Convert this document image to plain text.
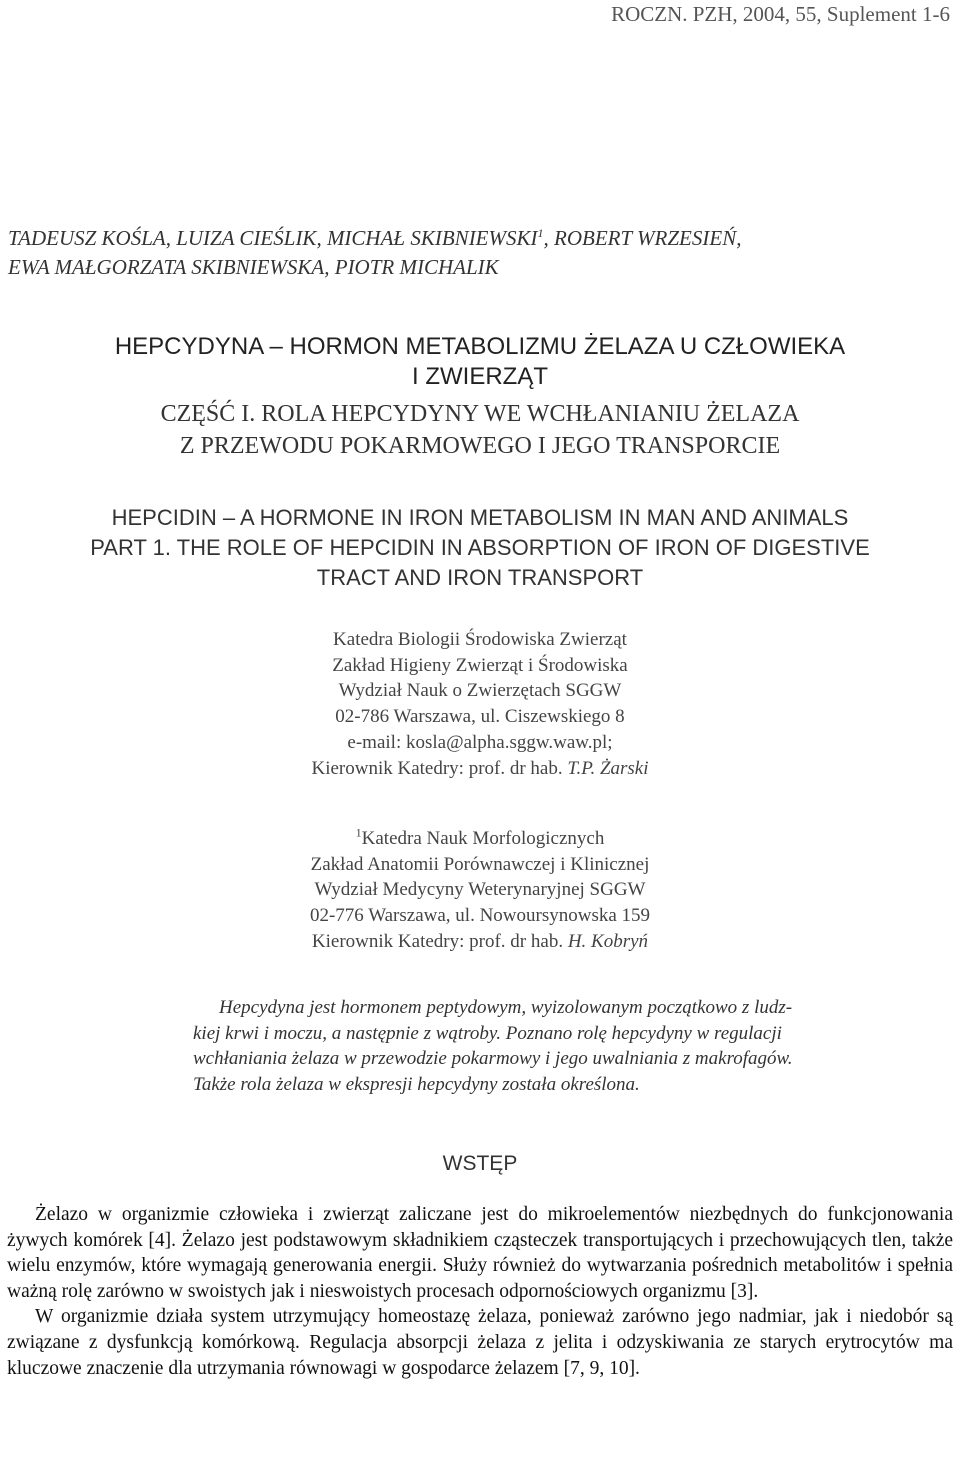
ROCZN. PZH, 2004, 55, Suplement 1-6
TADEUSZ KOŚLA, LUIZA CIEŚLIK, MICHAŁ SKIBNIEWSKI$^1$, ROBERT WRZESIEŃ,
EWA MAŁGORZATA SKIBNIEWSKA, PIOTR MICHALIK
HEPCYDYNA – HORMON METABOLIZMU ŻELAZA U CZŁOWIEKA
I ZWIERZĄT
CZĘŚĆ I. ROLA HEPCYDYNY WE WCHŁANIANIU ŻELAZA
Z PRZEWODU POKARMOWEGO I JEGO TRANSPORCIE
HEPCIDIN – A HORMONE IN IRON METABOLISM IN MAN AND ANIMALS
PART 1. THE ROLE OF HEPCIDIN IN ABSORPTION OF IRON OF DIGESTIVE
TRACT AND IRON TRANSPORT
Katedra Biologii Środowiska Zwierząt
Zakład Higieny Zwierząt i Środowiska
Wydział Nauk o Zwierzętach SGGW
02-786 Warszawa, ul. Ciszewskiego 8
e-mail: kosla@alpha.sggw.waw.pl;
Kierownik Katedry: prof. dr hab. T.P. Żarski
$^1$Katedra Nauk Morfologicznych
Zakład Anatomii Porównawczej i Klinicznej
Wydział Medycyny Weterynaryjnej SGGW
02-776 Warszawa, ul. Nowoursynowska 159
Kierownik Katedry: prof. dr hab. H. Kobryń
Hepcydyna jest hormonem peptydowym, wyizolowanym początkowo z ludz-
kiej krwi i moczu, a następnie z wątroby. Poznano rolę hepcydyny w regulacji
wchłaniania żelaza w przewodzie pokarmowy i jego uwalniania z makrofagów.
Także rola żelaza w ekspresji hepcydyny została określona.
WSTĘP

Żelazo w organizmie człowieka i zwierząt zaliczane jest do mikroelementów niezbędnych do funkcjonowania żywych komórek [4]. Żelazo jest podstawowym składnikiem cząsteczek transportujących i przechowujących tlen, także wielu enzymów, które wymagają generowania energii. Służy również do wytwarzania pośrednich metabolitów i spełnia ważną rolę zarówno w swoistych jak i nieswoistych procesach odpornościowych organizmu [3].

W organizmie działa system utrzymujący homeostazę żelaza, ponieważ zarówno jego nadmiar, jak i niedobór są związane z dysfunkcją komórkową. Regulacja absorpcji żelaza z jelita i odzyskiwania ze starych erytrocytów ma kluczowe znaczenie dla utrzymania równowagi w gospodarce żelazem [7, 9, 10].
